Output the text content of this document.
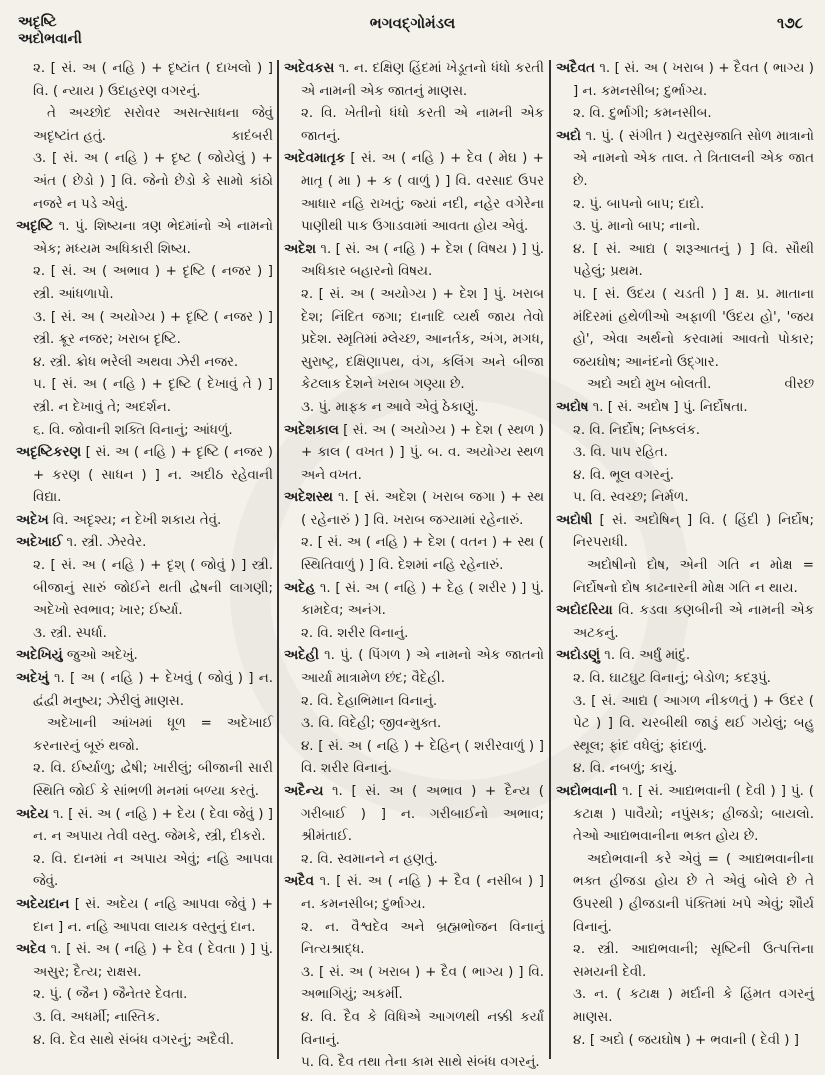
અદૃષ્ટિ
અદોભવાની
ભગવદ્ગોમંડલ	૧૭૮

૨. [ સં. અ ( નહિ ) + દૃષ્ટાંત ( દાખલો ) ] વિ. ( ન્યાય ) ઉદાહરણ વગરનું.

તે અચ્છોદ સરોવર અસત્સાધના જેવું અદૃષ્ટાંત હતું.	કાદંબરી

૩. [ સં. અ ( નહિ ) + દૃષ્ટ ( જોયેલું ) + અંત ( છેડો ) ] વિ. જેનો છેડો કે સામો કાંઠો નજરે ન પડે એવું.

અદૃષ્ટિ ૧. પું. શિષ્યના ત્રણ ભેદમાંનો એ નામનો એક; મધ્યમ અધિકારી શિષ્ય.

૨. [ સં. અ ( અભાવ ) + દૃષ્ટિ ( નજર ) ] સ્ત્રી. આંધળાપો.

૩. [ સં. અ ( અયોગ્ય ) + દૃષ્ટિ ( નજર ) ] સ્ત્રી. ક્રૂર નજર; ખરાબ દૃષ્ટિ.

૪. સ્ત્રી. ક્રોધ ભરેલી અથવા ઝેરી નજર.

૫. [ સં. અ ( નહિ ) + દૃષ્ટિ ( દેખાવું તે ) ] સ્ત્રી. ન દેખાવું તે; અદર્શન.

૬. વિ. જોવાની શક્તિ વિનાનું; આંધળું.

અદૃષ્ટિકરણ [ સં. અ ( નહિ ) + દૃષ્ટિ ( નજર ) + કરણ ( સાધન ) ] ન. અદીઠ રહેવાની વિદ્યા.

અદેખ વિ. અદૃશ્ય; ન દેખી શકાય તેવું.

અદેખાઈ ૧. સ્ત્રી. ઝેરવેર.

૨. [ સં. અ ( નહિ ) + દૃશ્ ( જોવું ) ] સ્ત્રી. બીજાનું સારું જોઈને થતી દ્વેષની લાગણી; અદેખો સ્વભાવ; ખાર; ઈર્ષ્યા.

૩. સ્ત્રી. સ્પર્ધા.

અદેખિયું જુઓ અદેખું.

અદેખું ૧. [ અ ( નહિ ) + દેખવું ( જોવું ) ] ન. દ્વંદ્વી મનુષ્ય; ઝેરીલું માણસ.

અદેખાની આંખમાં ધૂળ = અદેખાઈ કરનારનું બૂરું થજો.

૨. વિ. ઈર્ષ્યાળુ; દ્વેષી; ખારીલું; બીજાની સારી સ્થિતિ જોઈ કે સાંભળી મનમાં બળ્યા કરતું.

અદેય ૧. [ સં. અ ( નહિ ) + દેય ( દેવા જેવું ) ] ન. ન અપાય તેવી વસ્તુ. જેમકે, સ્ત્રી, દીકરો.

૨. વિ. દાનમાં ન અપાય એવું; નહિ આપવા જેવું.

અદેયદાન [ સં. અદેય ( નહિ આપવા જેવું ) + દાન ] ન. નહિ આપવા લાયક વસ્તુનું દાન.

અદેવ ૧. [ સં. અ ( નહિ ) + દેવ ( દેવતા ) ] પું. અસુર; દૈત્ય; રાક્ષસ.

૨. પું. ( જૈન ) જૈનેતર દેવતા.

૩. વિ. અધર્મી; નાસ્તિક.

૪. વિ. દેવ સાથે સંબંધ વગરનું; અદૈવી.

અદેવકસ ૧. ન. દક્ષિણ હિંદમાં ખેડૂતનો ધંધો કરતી એ નામની એક જાતનું માણસ.

૨. વિ. ખેતીનો ધંધો કરતી એ નામની એક જાતનું.

અદેવમાતૃક [ સં. અ ( નહિ ) + દેવ ( મેઘ ) + માતૃ ( મા ) + ક ( વાળું ) ] વિ. વરસાદ ઉપર આધાર નહિ રાખતું; જ્યાં નદી, નહેર વગેરેના પાણીથી પાક ઉગાડવામાં આવતા હોય એવું.

અદેશ ૧. [ સં. અ ( નહિ ) + દેશ ( વિષય ) ] પું. અધિકાર બહારનો વિષય.

૨. [ સં. અ ( અયોગ્ય ) + દેશ ] પું. ખરાબ દેશ; નિંદિત જગા; દાનાદિ વ્યર્થ જાય તેવો પ્રદેશ. સ્મૃતિમાં મ્લેચ્છ, આનર્તક, અંગ, મગધ, સુરાષ્ટ્ર, દક્ષિણાપથ, વંગ, કલિંગ અને બીજા કેટલાક દેશને ખરાબ ગણ્યા છે.

૩. પું. માફક ન આવે એવું ઠેકાણું.

અદેશકાલ [ સં. અ ( અયોગ્ય ) + દેશ ( સ્થળ ) + કાલ ( વખત ) ] પું. બ. વ. અયોગ્ય સ્થળ અને વખત.

અદેશસ્થ ૧. [ સં. અદેશ ( ખરાબ જગા ) + સ્થ ( રહેનારું ) ] વિ. ખરાબ જગ્યામાં રહેનારું.

૨. [ સં. અ ( નહિ ) + દેશ ( વતન ) + સ્થ ( સ્થિતિવાળું ) ] વિ. દેશમાં નહિ રહેનારું.

અદેહ ૧. [ સં. અ ( નહિ ) + દેહ ( શરીર ) ] પું. કામદેવ; અનંગ.

૨. વિ. શરીર વિનાનું.

અદેહી ૧. પું. ( પિંગળ ) એ નામનો એક જાતનો આર્યા માત્રામેળ છંદ; વૈદેહી.

૨. વિ. દેહાભિમાન વિનાનું.

૩. વિ. વિદેહી; જીવન્મુક્ત.

૪. [ સં. અ ( નહિ ) + દેહિન્ ( શરીરવાળું ) ] વિ. શરીર વિનાનું.

અદૈન્ય ૧. [ સં. અ ( અભાવ ) + દૈન્ય ( ગરીબાઈ ) ] ન. ગરીબાઈનો અભાવ; શ્રીમંતાઈ.

૨. વિ. સ્વમાનને ન હણતું.

અદૈવ ૧. [ સં. અ ( નહિ ) + દૈવ ( નસીબ ) ] ન. કમનસીબ; દુર્ભાગ્ય.

૨. ન. વૈશ્વદેવ અને બ્રહ્મભોજન વિનાનું નિત્યશ્રાદ્ધ.

૩. [ સં. અ ( ખરાબ ) + દૈવ ( ભાગ્ય ) ] વિ. અભાગિયું; અકર્મી.

૪. વિ. દૈવ કે વિધિએ આગળથી નક્કી કર્યાં વિનાનું.

૫. વિ. દૈવ તથા તેના કામ સાથે સંબંધ વગરનું.

અદૈવત ૧. [ સં. અ ( ખરાબ ) + દૈવત ( ભાગ્ય ) ] ન. કમનસીબ; દુર્ભાગ્ય.

૨. વિ. દુર્ભાગી; કમનસીબ.

અદો ૧. પું. ( સંગીત ) ચતુરસ્રજાતિ સોળ માત્રાનો એ નામનો એક તાલ. તે ત્રિતાલની એક જાત છે.

૨. પું. બાપનો બાપ; દાદો.

૩. પું. માનો બાપ; નાનો.

૪. [ સં. આદ્ય ( શરૂઆતનું ) ] વિ. સૌથી પહેલું; પ્રથમ.

૫. [ સં. ઉદય ( ચડતી ) ] ક્ષ. પ્ર. માતાના મંદિરમાં હથેળીઓ અફાળી 'ઉદય હો', 'જય હો', એવા અર્થનો કરવામાં આવતો પોકાર; જયઘોષ; આનંદનો ઉદ્ગાર.

અદો અદો મુખ બોલતી.	વીરછ

અદોષ ૧. [ સં. અદોષ ] પું. નિર્દોષતા.

૨. વિ. નિર્દોષ; નિષ્કલંક.

૩. વિ. પાપ રહિત.

૪. વિ. ભૂલ વગરનું.

૫. વિ. સ્વચ્છ; નિર્મળ.

અદોષી [ સં. અદોષિન્ ] વિ. ( હિંદી ) નિર્દોષ; નિરપરાધી.

અદોષીનો દોષ, એની ગતિ ન મોક્ષ = નિર્દોષનો દોષ કાઢનારની મોક્ષ ગતિ ન થાય.

અદોદરિયા વિ. કડવા કણબીની એ નામની એક અટકનું.

અદોડણું ૧. વિ. અર્ધું માંદું.

૨. વિ. ઘાટઘુટ વિનાનું; બેડોળ; કદરૂપું.

૩. [ સં. આદ્ય ( આગળ નીકળતું ) + ઉદર ( પેટ ) ] વિ. ચરબીથી જાડું થઈ ગયેલું; બહુ સ્થૂલ; ફાંદ વધેલું; ફાંદાળું.

૪. વિ. નબળું; કાચું.

અદોભવાની ૧. [ સં. આદ્યભવાની ( દેવી ) ] પું. ( કટાક્ષ ) પાવૈયો; નપુંસક; હીજડો; બાયલો. તેઓ આદ્યભવાનીના ભક્ત હોય છે.

અદોભવાની કરે એવું = ( આદ્યભવાનીના ભક્ત હીજડા હોય છે તે એવું બોલે છે તે ઉપરથી ) હીજડાની પંક્તિમાં ખપે એવું; શૌર્ય વિનાનું.

૨. સ્ત્રી. આદ્યભવાની; સૃષ્ટિની ઉત્પત્તિના સમયની દેવી.

૩. ન. ( કટાક્ષ ) મર્દાની કે હિંમત વગરનું માણસ.

૪. [ અદો ( જયઘોષ ) + ભવાની ( દેવી ) ]
